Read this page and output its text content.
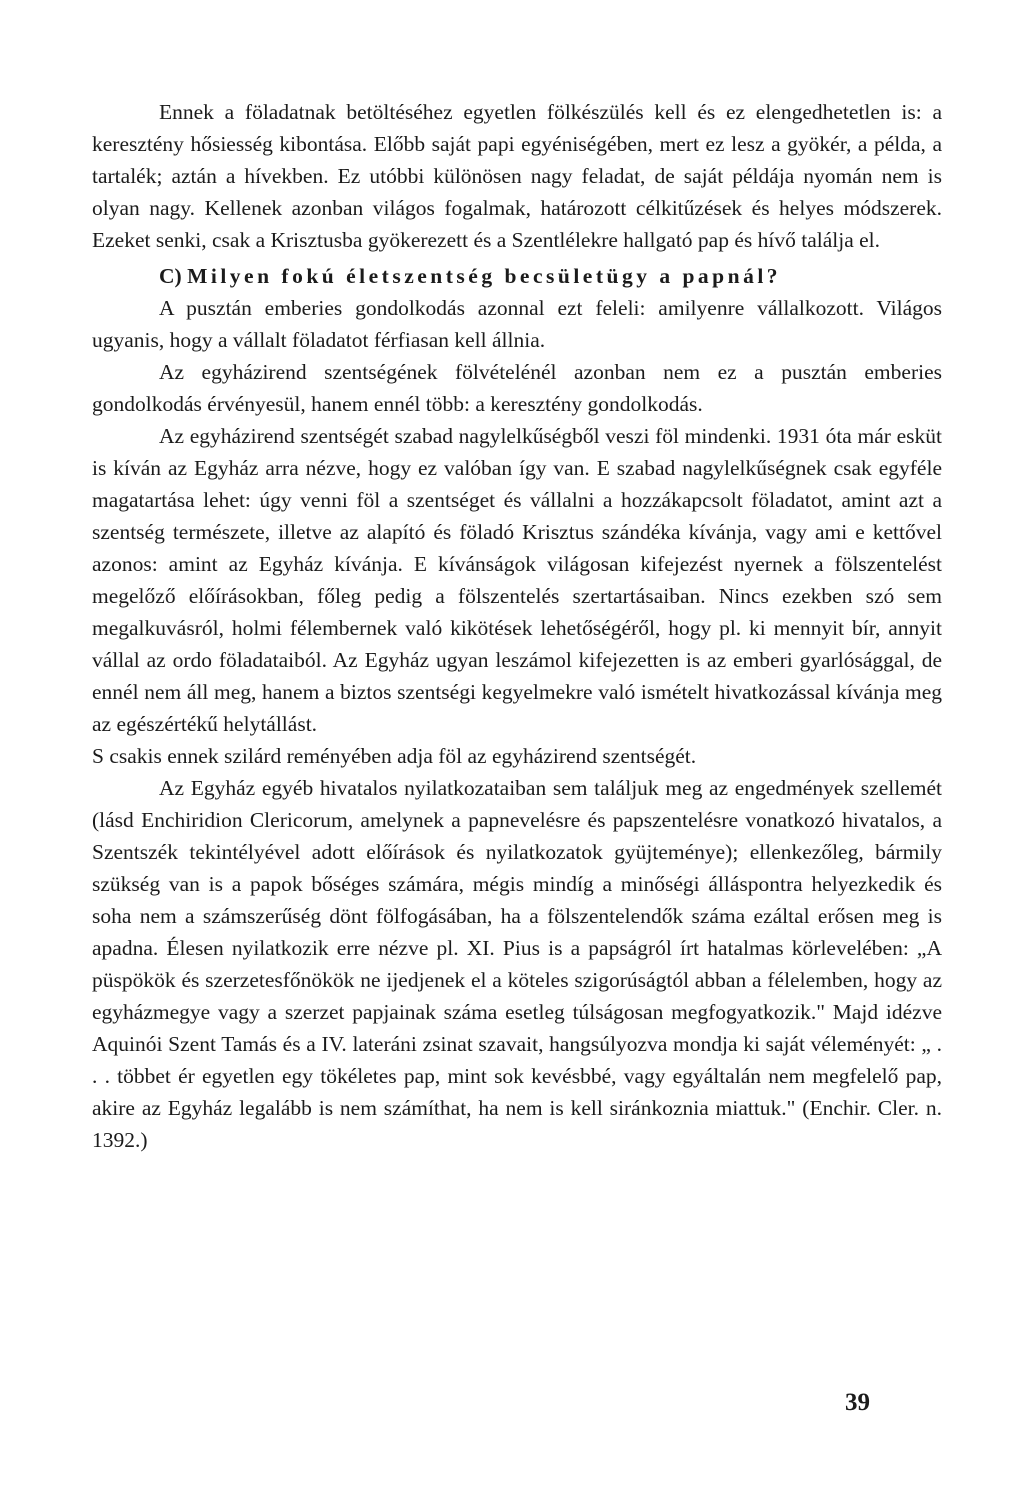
Ennek a föladatnak betöltéséhez egyetlen fölkészülés kell és ez elengedhetetlen is: a keresztény hősiesség kibontása. Előbb saját papi egyéniségében, mert ez lesz a gyökér, a példa, a tartalék; aztán a hívekben. Ez utóbbi különösen nagy feladat, de saját példája nyomán nem is olyan nagy. Kellenek azonban világos fogalmak, határozott célkitűzések és helyes módszerek. Ezeket senki, csak a Krisztusba gyökerezett és a Szentlélekre hallgató pap és hívő találja el.

C) Milyen fokú életszentség becsületügy a papnál?

A pusztán emberies gondolkodás azonnal ezt feleli: amilyenre vállalkozott. Világos ugyanis, hogy a vállalt föladatot férfiasan kell állnia.

Az egyházirend szentségének fölvételénél azonban nem ez a pusztán emberies gondolkodás érvényesül, hanem ennél több: a keresztény gondolkodás.

Az egyházirend szentségét szabad nagylelkűségből veszi föl mindenki. 1931 óta már esküt is kíván az Egyház arra nézve, hogy ez valóban így van. E szabad nagylelkűségnek csak egyféle magatartása lehet: úgy venni föl a szentséget és vállalni a hozzákapcsolt föladatot, amint azt a szentség természete, illetve az alapító és föladó Krisztus szándéka kívánja, vagy ami e kettővel azonos: amint az Egyház kívánja. E kívánságok világosan kifejezést nyernek a fölszentelést megelőző előírásokban, főleg pedig a fölszentelés szertartásaiban. Nincs ezekben szó sem megalkuvásról, holmi félembernek való kikötések lehetőségéről, hogy pl. ki mennyit bír, annyit vállal az ordo föladataiból. Az Egyház ugyan leszámol kifejezetten is az emberi gyarlósággal, de ennél nem áll meg, hanem a biztos szentségi kegyelmekre való ismételt hivatkozással kívánja meg az egészértékű helytállást.

S csakis ennek szilárd reményében adja föl az egyházirend szentségét.

Az Egyház egyéb hivatalos nyilatkozataiban sem találjuk meg az engedmények szellemét (lásd Enchiridion Clericorum, amelynek a papnevelésre és papszentelésre vonatkozó hivatalos, a Szentszék tekintélyével adott előírások és nyilatkozatok gyüjteménye); ellenkezőleg, bármily szükség van is a papok bőséges számára, mégis mindíg a minőségi álláspontra helyezkedik és soha nem a számszerűség dönt fölfogásában, ha a fölszentelendők száma ezáltal erősen meg is apadna. Élesen nyilatkozik erre nézve pl. XI. Pius is a papságról írt hatalmas körlevelében: „A püspökök és szerzetesfőnökök ne ijedjenek el a köteles szigorúságtól abban a félelemben, hogy az egyházmegye vagy a szerzet papjainak száma esetleg túlságosan megfogyatkozik." Majd idézve Aquinói Szent Tamás és a IV. lateráni zsinat szavait, hangsúlyozva mondja ki saját véleményét: „ . . . többet ér egyetlen egy tökéletes pap, mint sok kevésbbé, vagy egyáltalán nem megfelelő pap, akire az Egyház legalább is nem számíthat, ha nem is kell siránkoznia miattuk." (Enchir. Cler. n. 1392.)

39
